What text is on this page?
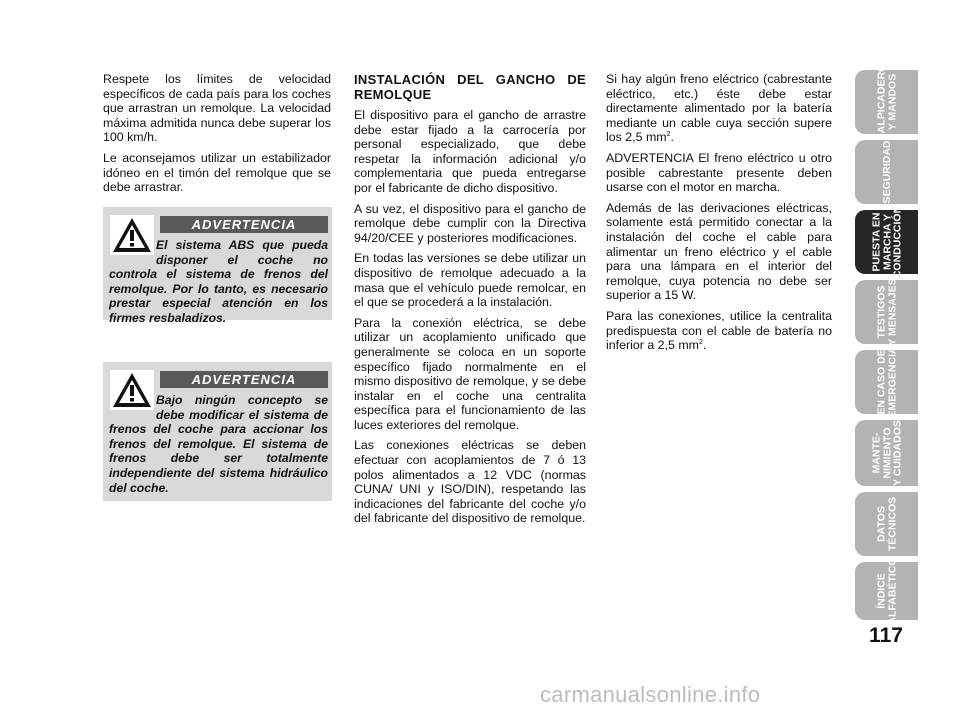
Respete los límites de velocidad específicos de cada país para los coches que arrastran un remolque. La velocidad máxima admitida nunca debe superar los 100 km/h.

Le aconsejamos utilizar un estabilizador idóneo en el timón del remolque que se debe arrastrar.

ADVERTENCIA
El sistema ABS que pueda disponer el coche no controla el sistema de frenos del remolque. Por lo tanto, es necesario prestar especial atención en los firmes resbaladizos.
ADVERTENCIA
Bajo ningún concepto se debe modificar el sistema de frenos del coche para accionar los frenos del remolque. El sistema de frenos debe ser totalmente independiente del sistema hidráulico del coche.
INSTALACIÓN DEL GANCHO DE REMOLQUE

El dispositivo para el gancho de arrastre debe estar fijado a la carrocería por personal especializado, que debe respetar la información adicional y/o complementaria que pueda entregarse por el fabricante de dicho dispositivo.

A su vez, el dispositivo para el gancho de remolque debe cumplir con la Directiva 94/20/CEE y posteriores modificaciones.

En todas las versiones se debe utilizar un dispositivo de remolque adecuado a la masa que el vehículo puede remolcar, en el que se procederá a la instalación.

Para la conexión eléctrica, se debe utilizar un acoplamiento unificado que generalmente se coloca en un soporte específico fijado normalmente en el mismo dispositivo de remolque, y se debe instalar en el coche una centralita específica para el funcionamiento de las luces exteriores del remolque.

Las conexiones eléctricas se deben efectuar con acoplamientos de 7 ó 13 polos alimentados a 12 VDC (normas CUNA/ UNI y ISO/DIN), respetando las indicaciones del fabricante del coche y/o del fabricante del dispositivo de remolque.

Si hay algún freno eléctrico (cabrestante eléctrico, etc.) éste debe estar directamente alimentado por la batería mediante un cable cuya sección supere los 2,5 $mm^2$.

ADVERTENCIA El freno eléctrico u otro posible cabrestante presente deben usarse con el motor en marcha.

Además de las derivaciones eléctricas, solamente está permitido conectar a la instalación del coche el cable para alimentar un freno eléctrico y el cable para una lámpara en el interior del remolque, cuya potencia no debe ser superior a 15 W.

Para las conexiones, utilice la centralita predispuesta con el cable de batería no inferior a 2,5 $mm^2$.

SALPICADERO
Y MANDOS
SEGURIDAD
PUESTA EN
MARCHA Y
CONDUCCIÓN
TESTIGOS
Y MENSAJES
EN CASO DE
EMERGENCIA
MANTE-
NIMIENTO
Y CUIDADOS
DATOS
TÉCNICOS
ÍNDICE
ALFABÉTICO
117
carmanualsonline.info
